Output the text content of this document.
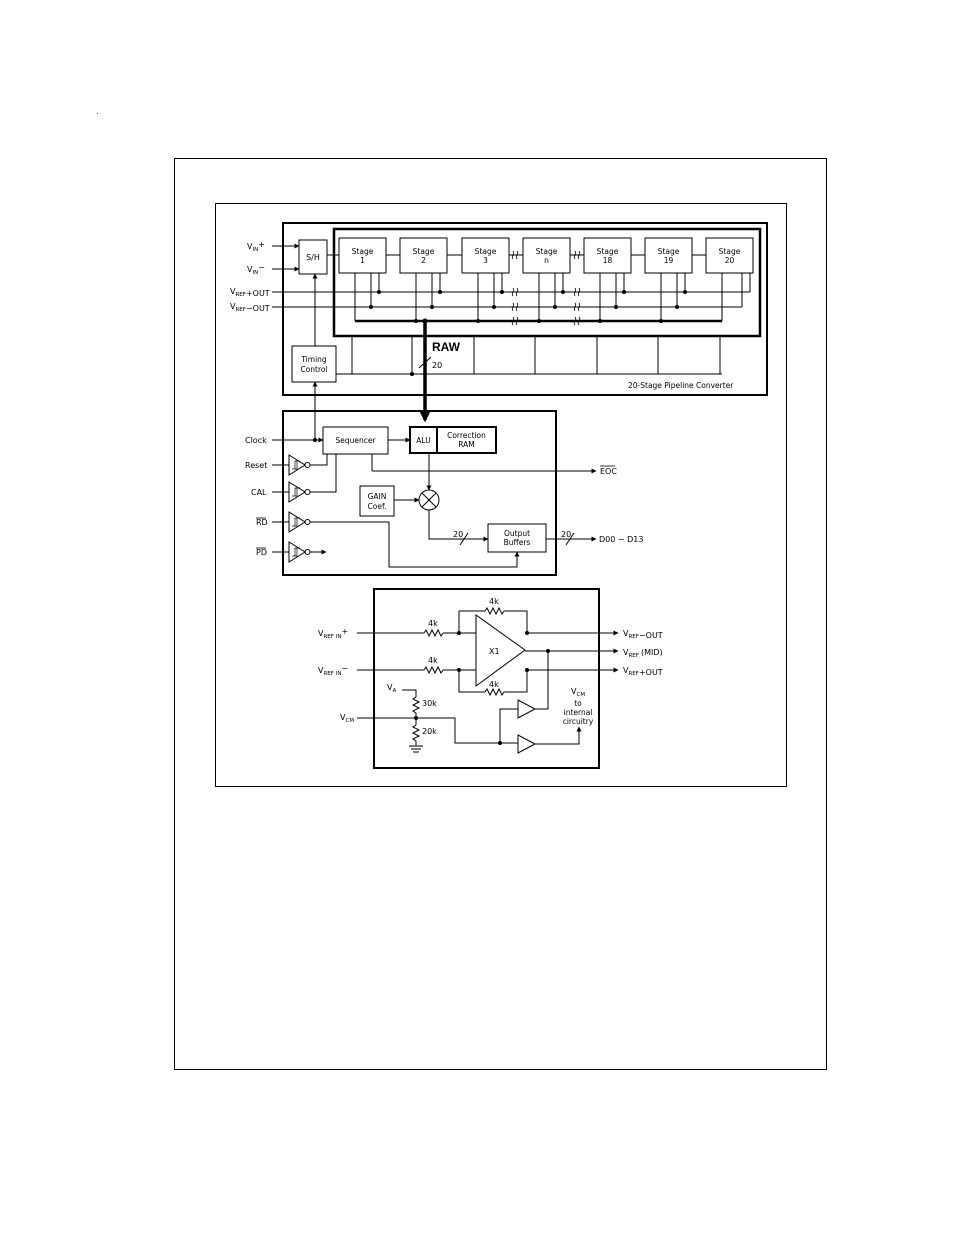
$V_{IN}+$
$V_{IN}-$
$V_{REF}+OUT$
$V_{REF}-OUT$
S/H
Stage
1
Stage
2
Stage
3
Stage
n
Stage
18
Stage
19
Stage
20
RAW
20
Timing
Control
20-Stage Pipeline Converter
Clock
Reset
CAL
RD
PD
Sequencer	ALU
Correction
RAM
EOC
GAIN
Coef.
20	20
Output
Buffers	D00 − D13
4k
4k
4k
4k
X1
$V_{REF IN}+$
$V_{REF IN}-$
$V_{REF}-OUT$
$V_{REF}$ (MID)
$V_{REF}+OUT$
$V_A$
30k
20k
$V_{CM}$
$V_{CM}$
to
internal
circuitry
